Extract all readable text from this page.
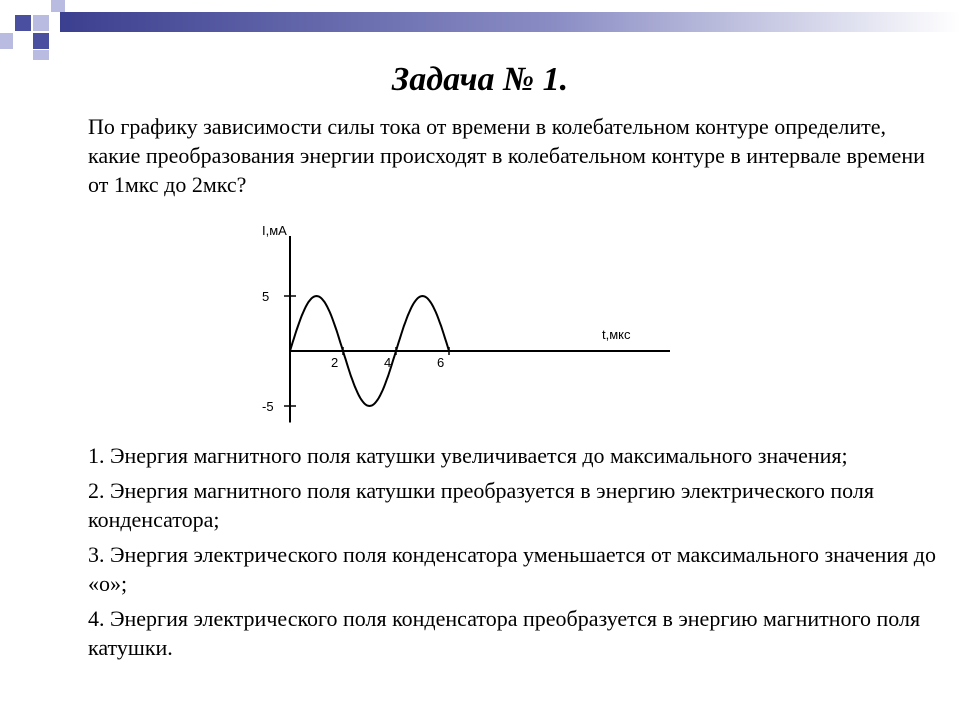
Задача № 1.

По графику зависимости силы тока от времени в колебательном контуре определите, какие преобразования энергии происходят в колебательном контуре в интервале времени от 1мкс до 2мкс?

I,мА
t,мкс
5
-5
2	4	6
1. Энергия магнитного поля катушки увеличивается до максимального значения;
2. Энергия магнитного поля катушки преобразуется в энергию электрического поля конденсатора;
3. Энергия электрического поля конденсатора уменьшается от максимального значения до «о»;
4. Энергия электрического поля конденсатора преобразуется в энергию магнитного поля катушки.
